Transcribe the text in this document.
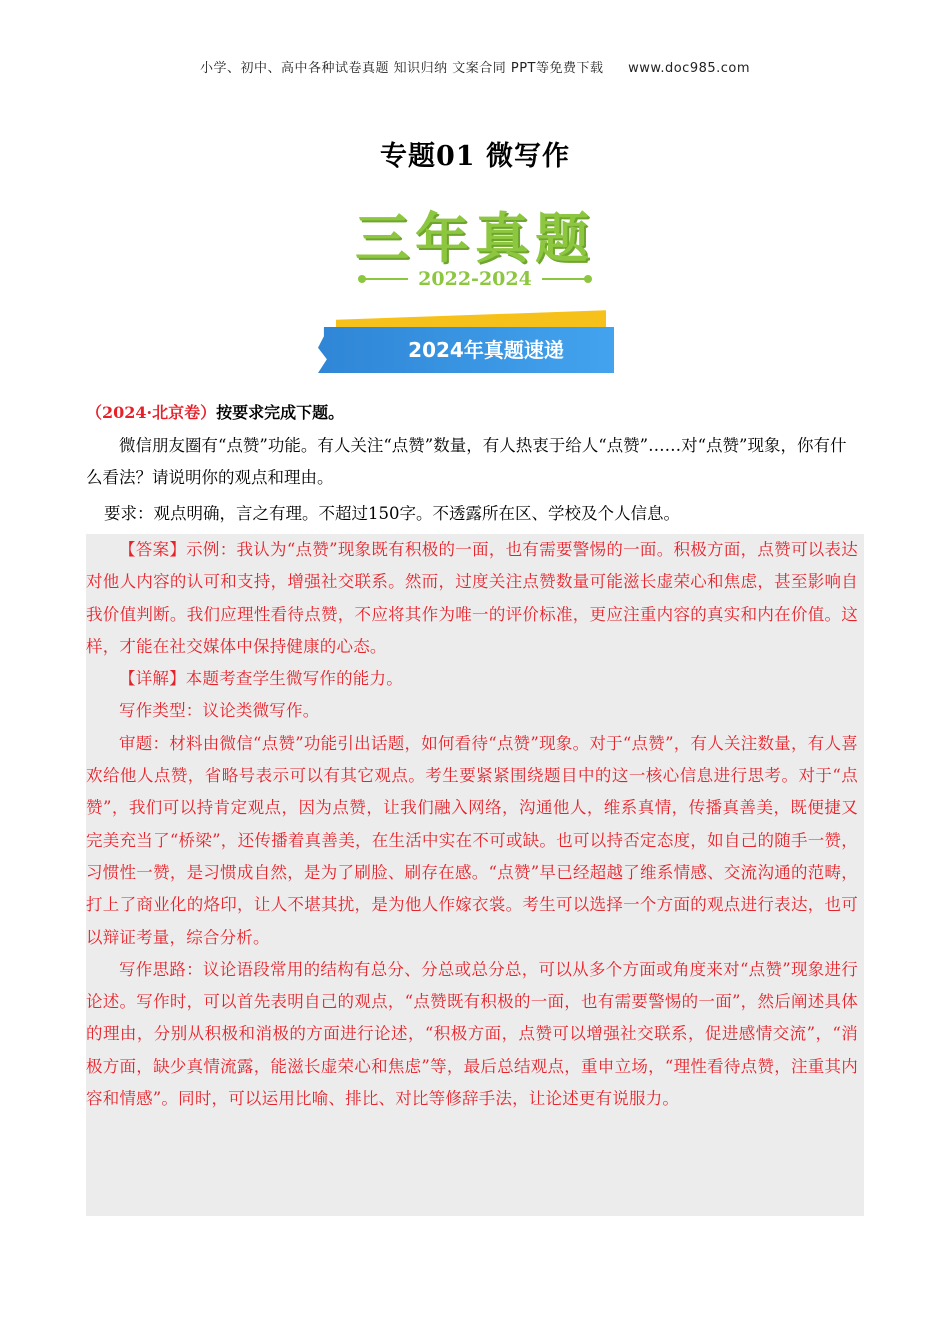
小学、初中、高中各种试卷真题 知识归纳 文案合同 PPT等免费下载 www.doc985.com
专题01 微写作
三年真题
2022-2024
2024年真题速递
（2024·北京卷）按要求完成下题。
微信朋友圈有“点赞”功能。有人关注“点赞”数量，有人热衷于给人“点赞”……对“点赞”现象，你有什么看法？请说明你的观点和理由。
要求：观点明确，言之有理。不超过150字。不透露所在区、学校及个人信息。

【答案】示例：我认为“点赞”现象既有积极的一面，也有需要警惕的一面。积极方面，点赞可以表达对他人内容的认可和支持，增强社交联系。然而，过度关注点赞数量可能滋长虚荣心和焦虑，甚至影响自我价值判断。我们应理性看待点赞，不应将其作为唯一的评价标准，更应注重内容的真实和内在价值。这样，才能在社交媒体中保持健康的心态。

【详解】本题考查学生微写作的能力。

写作类型：议论类微写作。

审题：材料由微信“点赞”功能引出话题，如何看待“点赞”现象。对于“点赞”，有人关注数量，有人喜欢给他人点赞，省略号表示可以有其它观点。考生要紧紧围绕题目中的这一核心信息进行思考。对于“点赞”，我们可以持肯定观点，因为点赞，让我们融入网络，沟通他人，维系真情，传播真善美，既便捷又完美充当了“桥梁”，还传播着真善美，在生活中实在不可或缺。也可以持否定态度，如自己的随手一赞，习惯性一赞，是习惯成自然，是为了刷脸、刷存在感。“点赞”早已经超越了维系情感、交流沟通的范畴，打上了商业化的烙印，让人不堪其扰，是为他人作嫁衣裳。考生可以选择一个方面的观点进行表达，也可以辩证考量，综合分析。

写作思路：议论语段常用的结构有总分、分总或总分总，可以从多个方面或角度来对“点赞”现象进行论述。写作时，可以首先表明自己的观点，“点赞既有积极的一面，也有需要警惕的一面”，然后阐述具体的理由，分别从积极和消极的方面进行论述，“积极方面，点赞可以增强社交联系，促进感情交流”，“消极方面，缺少真情流露，能滋长虚荣心和焦虑”等，最后总结观点，重申立场，“理性看待点赞，注重其内容和情感”。同时，可以运用比喻、排比、对比等修辞手法，让论述更有说服力。
